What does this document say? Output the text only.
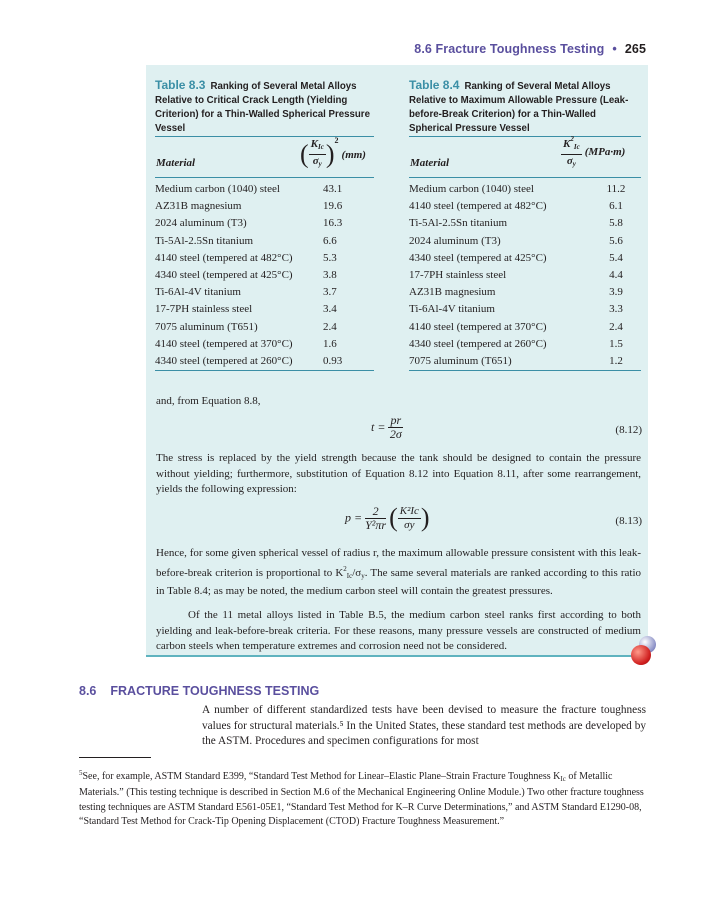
8.6 Fracture Toughness Testing • 265
Table 8.3 Ranking of Several Metal Alloys Relative to Critical Crack Length (Yielding Criterion) for a Thin-Walled Spherical Pressure Vessel
Material	( $\frac{K_{Ic}}{\sigma_y} )^2(mm)$
Medium carbon (1040) steel	43.1
AZ31B magnesium	19.6
2024 aluminum (T3)	16.3
Ti-5Al-2.5Sn titanium	6.6
4140 steel (tempered at 482°C)	5.3
4340 steel (tempered at 425°C)	3.8
Ti-6Al-4V titanium	3.7
17-7PH stainless steel	3.4
7075 aluminum (T651)	2.4
4140 steel (tempered at 370°C)	1.6
4340 steel (tempered at 260°C)	0.93
Table 8.4 Ranking of Several Metal Alloys Relative to Maximum Allowable Pressure (Leak-before-Break Criterion) for a Thin-Walled Spherical Pressure Vessel
Material	$\frac{K^2_{Ic}}{\sigma_y} (MPa\cdot m)$
Medium carbon (1040) steel	11.2
4140 steel (tempered at 482°C)	6.1
Ti-5Al-2.5Sn titanium	5.8
2024 aluminum (T3)	5.6
4340 steel (tempered at 425°C)	5.4
17-7PH stainless steel	4.4
AZ31B magnesium	3.9
Ti-6Al-4V titanium	3.3
4140 steel (tempered at 370°C)	2.4
4340 steel (tempered at 260°C)	1.5
7075 aluminum (T651)	1.2
and, from Equation 8.8,
$t = \frac{pr}{2\sigma}$	(8.12)
The stress is replaced by the yield strength because the tank should be designed to contain the pressure without yielding; furthermore, substitution of Equation 8.12 into Equation 8.11, after some rearrangement, yields the following expression:
$p = \frac{2}{\text{Y²πr}}$ ( $\frac{\text{K²Ic}}{\sigma y}$ )	(8.13)
Hence, for some given spherical vessel of radius r, the maximum allowable pressure consistent with this leak-before-break criterion is proportional to $K^2_{Ic}/\sigma_y$. The same several materials are ranked according to this ratio in Table 8.4; as may be noted, the medium carbon steel will contain the greatest pressures.
Of the 11 metal alloys listed in Table B.5, the medium carbon steel ranks first according to both yielding and leak-before-break criteria. For these reasons, many pressure vessels are constructed of medium carbon steels when temperature extremes and corrosion need not be considered.
8.6 FRACTURE TOUGHNESS TESTING
A number of different standardized tests have been devised to measure the fracture toughness values for structural materials.⁵ In the United States, these standard test methods are developed by the ASTM. Procedures and specimen configurations for most
$^5$See, for example, ASTM Standard E399, “Standard Test Method for Linear–Elastic Plane–Strain Fracture Toughness $K_{Ic}$ of Metallic Materials.” (This testing technique is described in Section M.6 of the Mechanical Engineering Online Module.) Two other fracture toughness testing techniques are ASTM Standard E561-05E1, “Standard Test Method for K–R Curve Determinations,” and ASTM Standard E1290-08, “Standard Test Method for Crack-Tip Opening Displacement (CTOD) Fracture Toughness Measurement.”
